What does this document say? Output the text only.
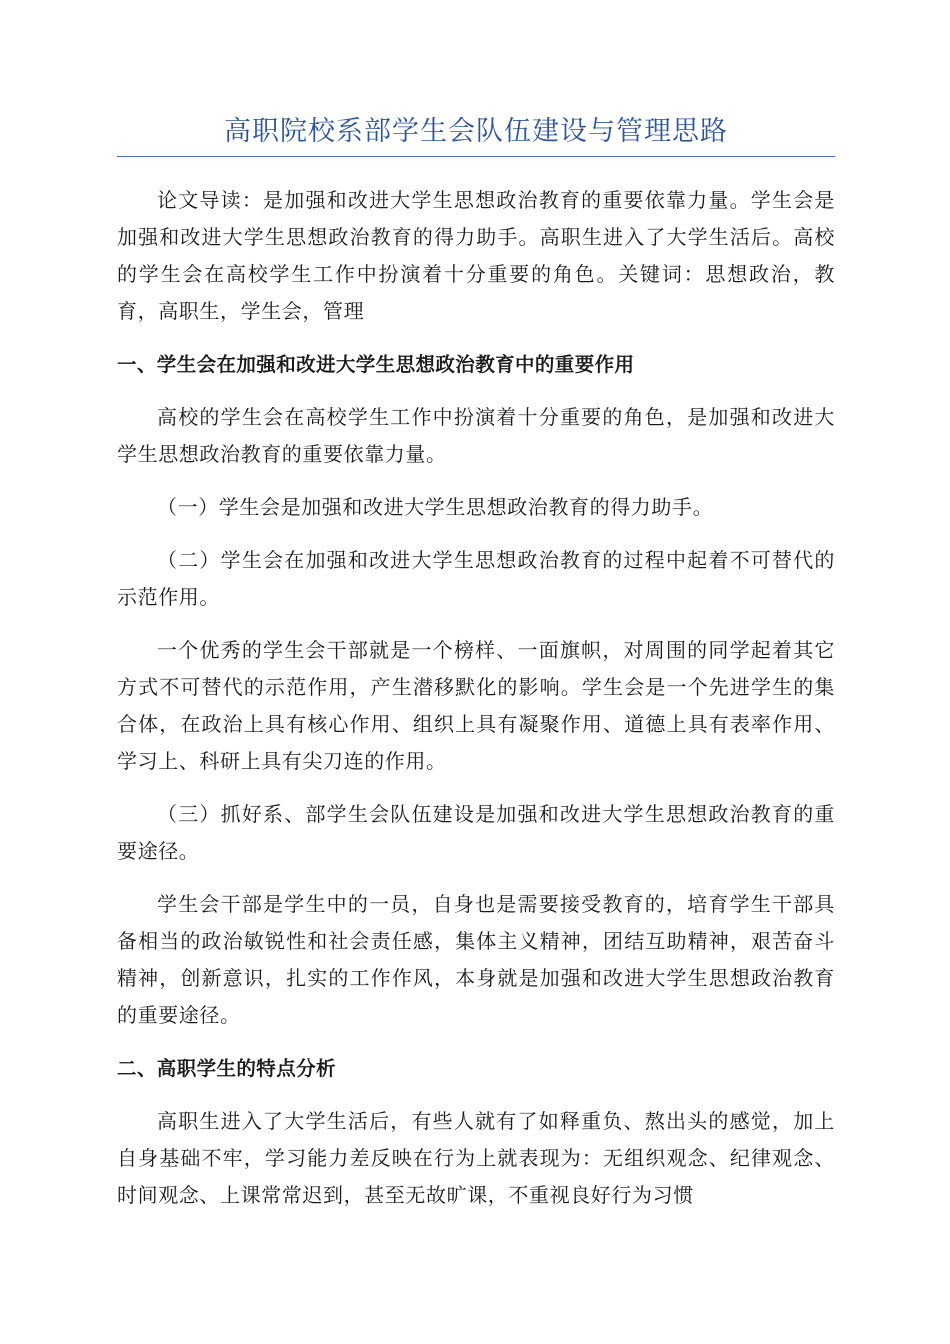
高职院校系部学生会队伍建设与管理思路

论文导读：是加强和改进大学生思想政治教育的重要依靠力量。学生会是加强和改进大学生思想政治教育的得力助手。高职生进入了大学生活后。高校的学生会在高校学生工作中扮演着十分重要的角色。关键词：思想政治，教育，高职生，学生会，管理

一、学生会在加强和改进大学生思想政治教育中的重要作用

高校的学生会在高校学生工作中扮演着十分重要的角色，是加强和改进大学生思想政治教育的重要依靠力量。

（一）学生会是加强和改进大学生思想政治教育的得力助手。

（二）学生会在加强和改进大学生思想政治教育的过程中起着不可替代的示范作用。

一个优秀的学生会干部就是一个榜样、一面旗帜，对周围的同学起着其它方式不可替代的示范作用，产生潜移默化的影响。学生会是一个先进学生的集合体，在政治上具有核心作用、组织上具有凝聚作用、道德上具有表率作用、学习上、科研上具有尖刀连的作用。

（三）抓好系、部学生会队伍建设是加强和改进大学生思想政治教育的重要途径。

学生会干部是学生中的一员，自身也是需要接受教育的，培育学生干部具备相当的政治敏锐性和社会责任感，集体主义精神，团结互助精神，艰苦奋斗精神，创新意识，扎实的工作作风，本身就是加强和改进大学生思想政治教育的重要途径。

二、高职学生的特点分析

高职生进入了大学生活后，有些人就有了如释重负、熬出头的感觉，加上自身基础不牢，学习能力差反映在行为上就表现为：无组织观念、纪律观念、时间观念、上课常常迟到，甚至无故旷课，不重视良好行为习惯
